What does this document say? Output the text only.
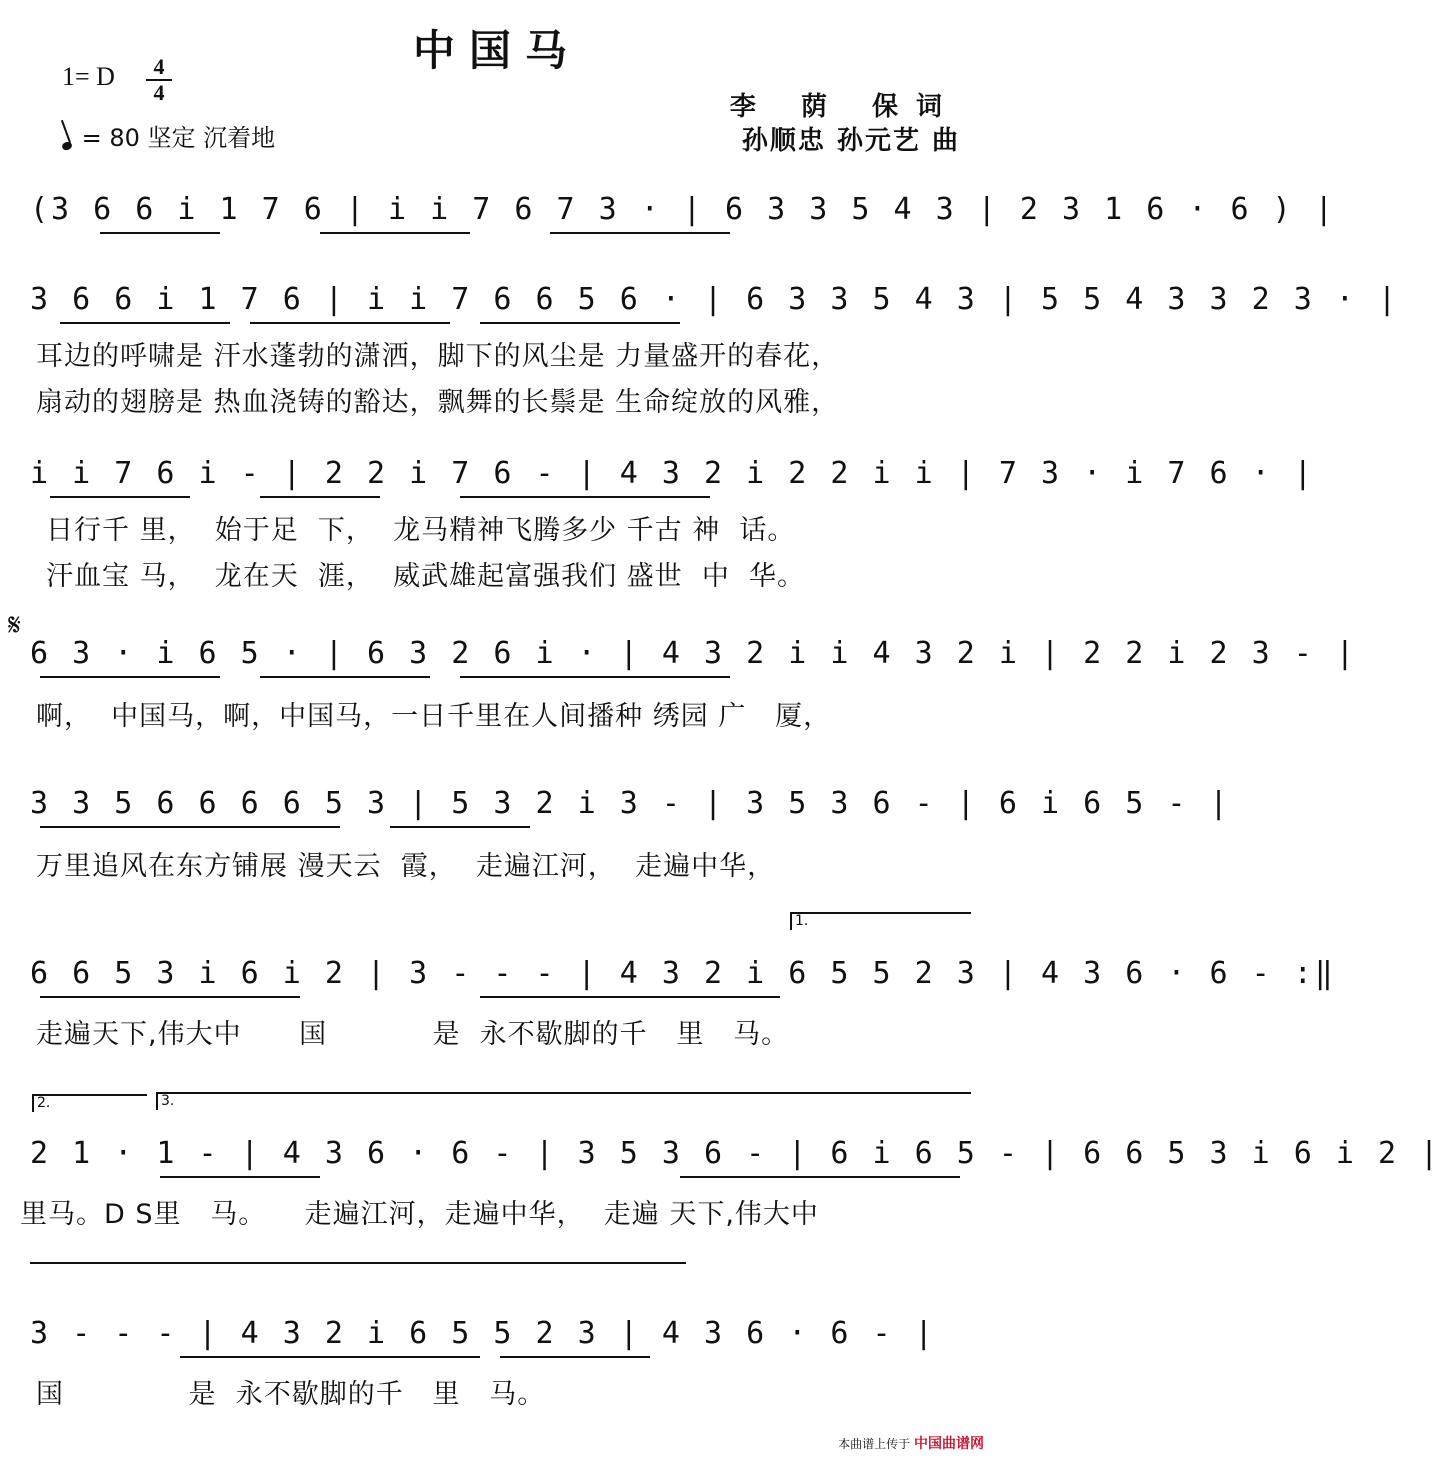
中国马
1= D	4
4
= 80 坚定 沉着地
李 荫 保词
孙顺忠 孙元艺 曲
(3 6 6 i 1 7 6 | i i 7 6 7 3 · | 6 3 3 5 4 3 | 2 3 1 6 · 6 ) |
3 6 6 i 1 7 6 | i i 7 6 6 5 6 · | 6 3 3 5 4 3 | 5 5 4 3 3 2 3 · |
耳边的呼啸是 汗水蓬勃的潇洒，脚下的风尘是 力量盛开的春花，
扇动的翅膀是 热血浇铸的豁达，飘舞的长鬃是 生命绽放的风雅，
i i 7 6 i - | 2 2 i 7 6 - | 4 3 2 i 2 2 i i | 7 3 · i 7 6 · |
日行千 里，  始于足  下，  龙马精神飞腾多少 千古 神  话。
汗血宝 马，  龙在天  涯，  威武雄起富强我们 盛世  中  华。
𝄋
6 3 · i 6 5 · | 6 3 2 6 i · | 4 3 2 i i 4 3 2 i | 2 2 i 2 3 - |
啊，  中国马，啊，中国马，一日千里在人间播种 绣园 广   厦，
3 3 5 6 6 6 6 5 3 | 5 3 2 i 3 - | 3 5 3 6 - | 6 i 6 5 - |
万里追风在东方铺展 漫天云  霞，  走遍江河，  走遍中华，
1.
6 6 5 3 i 6 i 2 | 3 - - - | 4 3 2 i 6 5 5 2 3 | 4 3 6 · 6 - :‖
走遍天下,伟大中      国           是  永不歇脚的千   里   马。
2.	3.
2 1 · 1 - | 4 3 6 · 6 - | 3 5 3 6 - | 6 i 6 5 - | 6 6 5 3 i 6 i 2 |
里马。D S里   马。    走遍江河，走遍中华，  走遍 天下,伟大中
3 - - - | 4 3 2 i 6 5 5 2 3 | 4 3 6 · 6 - |
国             是  永不歇脚的千   里   马。
本曲谱上传于 中国曲谱网
